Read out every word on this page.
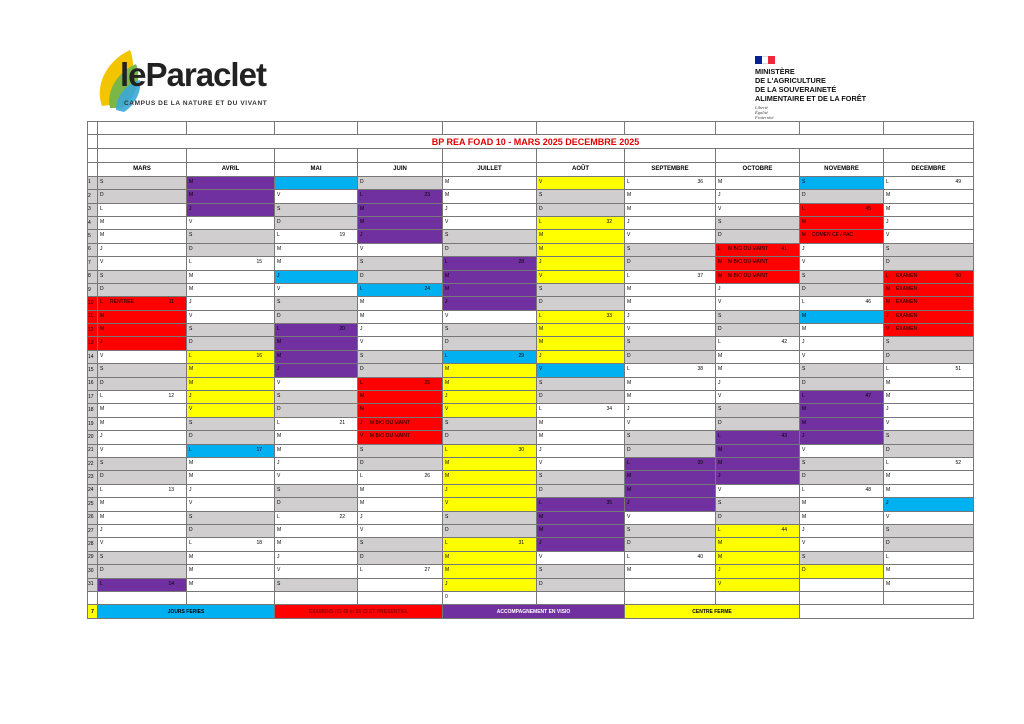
leParaclet
CAMPUS DE LA NATURE ET DU VIVANT
MINISTÈRE
DE L'AGRICULTURE
DE LA SOUVERAINETÉ
ALIMENTAIRE ET DE LA FORÊT
Liberté
Égalité
Fraternité

	BP REA FOAD 10 - MARS 2025 DECEMBRE 2025									

	MARS	AVRIL	MAI	JUIN	JUILLET	AOÛT	SEPTEMBRE	OCTOBRE	NOVEMBRE	DECEMBRE
1	S	M		D	M	V	L 36	M	S	L 49

2	D	M	V	L 23	M	S	M	J	D	M

3	L	J	S	M	J	D	M	V	L 45	M

4	M	V	D	M	V	L 32	J	S	M	J

5	M	S	L 19	J	S	M	V	D	M COMEN CE / PAC	V

6	J	D	M	V	D	M	S	L M BIO OU MAINT 41	J	S

7	V	L 15	M	S	L 28	J	D	M M BIO OU MAINT	V	D

8	S	M	J	D	M	V	L 37	M M BIO OU MAINT	S	L EXAMEN 50

9	D	M	V	L 24	M	S	M	J	D	M EXAMEN

10	L RENTREE 11	J	S	M	J	D	M	V	L 46	M EXAMEN

11	M	V	D	M	V	L 33	J	S	M	J EXAMEN

12	M	S	L 20	J	S	M	V	D	M	V EXAMEN

13	J	D	M	V	D	M	S	L 42	J	S

14	V	L 16	M	S	L 29	J	D	M	V	D

15	S	M	J	D	M	V	L 38	M	S	L 51

16	D	M	V	L 25	M	S	M	J	D	M

17	L 12	J	S	M	J	D	M	V	L 47	M

18	M	V	D	M	V	L 34	J	S	M	J

19	M	S	L 21	J M BIO OU MAINT	S	M	V	D	M	V

20	J	D	M	V M BIO OU MAINT	D	M	S	L 43	J	S

21	V	L 17	M	S	L 30	J	D	M	V	D

22	S	M	J	D	M	V	L 39	M	S	L 52

23	D	M	V	L 26	M	S	M	J	D	M

24	L 13	J	S	M	J	D	M	V	L 48	M

25	M	V	D	M	V	L 35	J	S	M	J

26	M	S	L 22	J	S	M	V	D	M	V

27	J	D	M	V	D	M	S	L 44	J	S

28	V	L 18	M	S	L 31	J	D	M	V	D

29	S	M	J	D	M	V	L 40	M	S	L

30	D	M	V	L 27	M	S	M	J	D	M

31	L 14	M	S		J	D		V		M

					0					

7	JOURS FERIES		EXAMENS (Ci 45 et 55 CI ET PRESENTIEL		ACCOMPAGNEMENT EN VISIO		CENTRE FERME			
